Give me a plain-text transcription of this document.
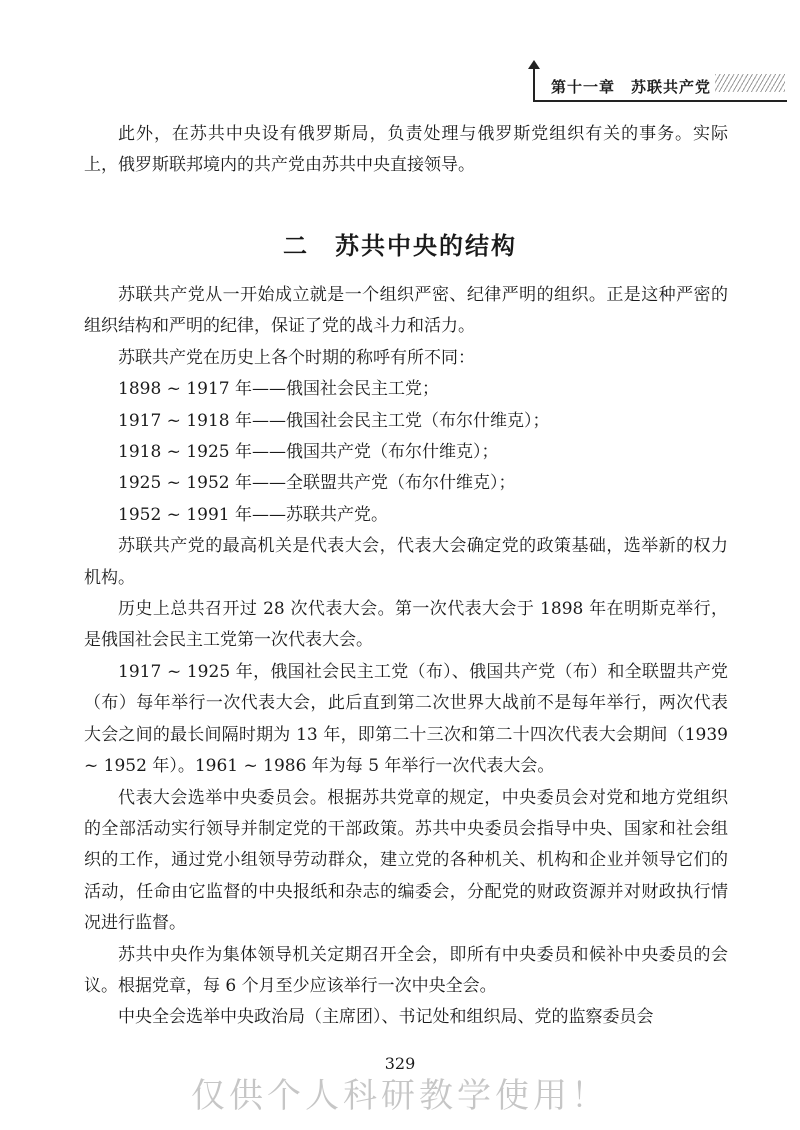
第十一章　苏联共产党

此外，在苏共中央设有俄罗斯局，负责处理与俄罗斯党组织有关的事务。实际上，俄罗斯联邦境内的共产党由苏共中央直接领导。

二 苏共中央的结构

苏联共产党从一开始成立就是一个组织严密、纪律严明的组织。正是这种严密的组织结构和严明的纪律，保证了党的战斗力和活力。

苏联共产党在历史上各个时期的称呼有所不同：

1898 ~ 1917 年——俄国社会民主工党；

1917 ~ 1918 年——俄国社会民主工党（布尔什维克）；

1918 ~ 1925 年——俄国共产党（布尔什维克）；

1925 ~ 1952 年——全联盟共产党（布尔什维克）；

1952 ~ 1991 年——苏联共产党。

苏联共产党的最高机关是代表大会，代表大会确定党的政策基础，选举新的权力机构。

历史上总共召开过 28 次代表大会。第一次代表大会于 1898 年在明斯克举行，是俄国社会民主工党第一次代表大会。

1917 ~ 1925 年，俄国社会民主工党（布）、俄国共产党（布）和全联盟共产党（布）每年举行一次代表大会，此后直到第二次世界大战前不是每年举行，两次代表大会之间的最长间隔时期为 13 年，即第二十三次和第二十四次代表大会期间（1939 ~ 1952 年）。1961 ~ 1986 年为每 5 年举行一次代表大会。

代表大会选举中央委员会。根据苏共党章的规定，中央委员会对党和地方党组织的全部活动实行领导并制定党的干部政策。苏共中央委员会指导中央、国家和社会组织的工作，通过党小组领导劳动群众，建立党的各种机关、机构和企业并领导它们的活动，任命由它监督的中央报纸和杂志的编委会，分配党的财政资源并对财政执行情况进行监督。

苏共中央作为集体领导机关定期召开全会，即所有中央委员和候补中央委员的会议。根据党章，每 6 个月至少应该举行一次中央全会。

中央全会选举中央政治局（主席团）、书记处和组织局、党的监察委员会

329
仅供个人科研教学使用！
